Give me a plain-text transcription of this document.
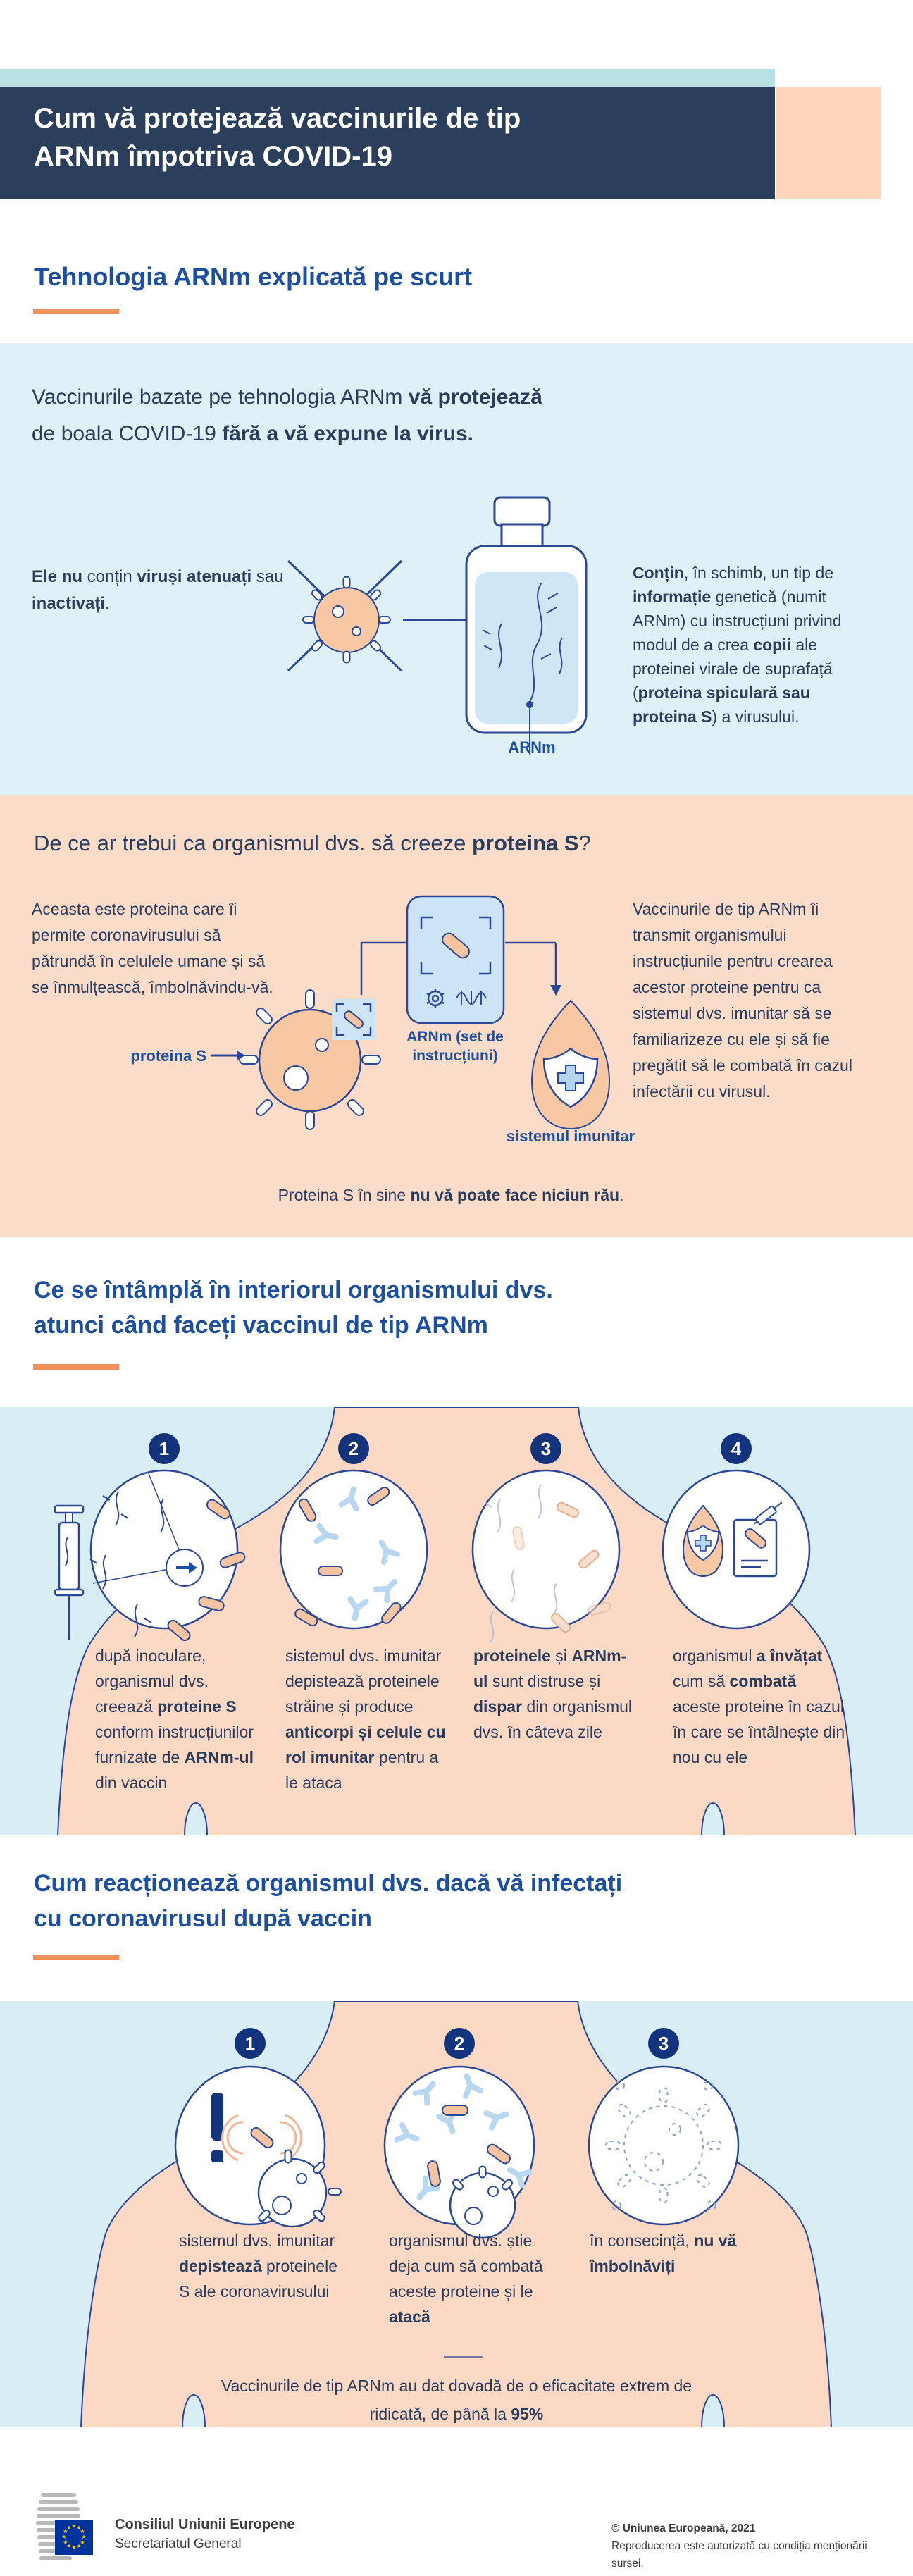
Cum vă protejează vaccinurile de tip
ARNm împotriva COVID-19
Tehnologia ARNm explicată pe scurt

Vaccinurile bazate pe tehnologia ARNm vă protejează de boala COVID-19 fără a vă expune la virus.

Ele nu conțin viruși atenuați sau inactivați.
Conțin, în schimb, un tip de informație genetică (numit ARNm) cu instrucțiuni privind modul de a crea copii ale proteinei virale de suprafață (proteina spiculară sau proteina S) a virusului.
ARNm
De ce ar trebui ca organismul dvs. să creeze proteina S?
Aceasta este proteina care îi permite coronavirusului să pătrundă în celulele umane și să se înmulțească, îmbolnăvindu-vă.
Vaccinurile de tip ARNm îi transmit organismului instrucțiunile pentru crearea acestor proteine pentru ca sistemul dvs. imunitar să se familiarizeze cu ele și să fie pregătit să le combată în cazul infectării cu virusul.
ARNm (set de
instrucțiuni)
proteina S
sistemul imunitar
Proteina S în sine nu vă poate face niciun rău.
Ce se întâmplă în interiorul organismului dvs.
atunci când faceți vaccinul de tip ARNm
1	2	3	4
după inoculare, organismul dvs. creează proteine S conform instrucțiunilor furnizate de ARNm-ul din vaccin
sistemul dvs. imunitar depistează proteinele străine și produce anticorpi și celule cu rol imunitar pentru a le ataca
proteinele și ARNm-ul sunt distruse și dispar din organismul dvs. în câteva zile
organismul a învățat cum să combată aceste proteine în cazul în care se întâlnește din nou cu ele
Cum reacționează organismul dvs. dacă vă infectați
cu coronavirusul după vaccin
1	2	3
sistemul dvs. imunitar depistează proteinele S ale coronavirusului
organismul dvs. știe deja cum să combată aceste proteine și le atacă
în consecință, nu vă îmbolnăviți
Vaccinurile de tip ARNm au dat dovadă de o eficacitate extrem de ridicată, de până la 95%
★ ★
★
★
★
★
★
★
★
★
★
★	Consiliul Uniunii Europene
Secretariatul General
© Uniunea Europeană, 2021
Reproducerea este autorizată cu condiția menționării sursei.
